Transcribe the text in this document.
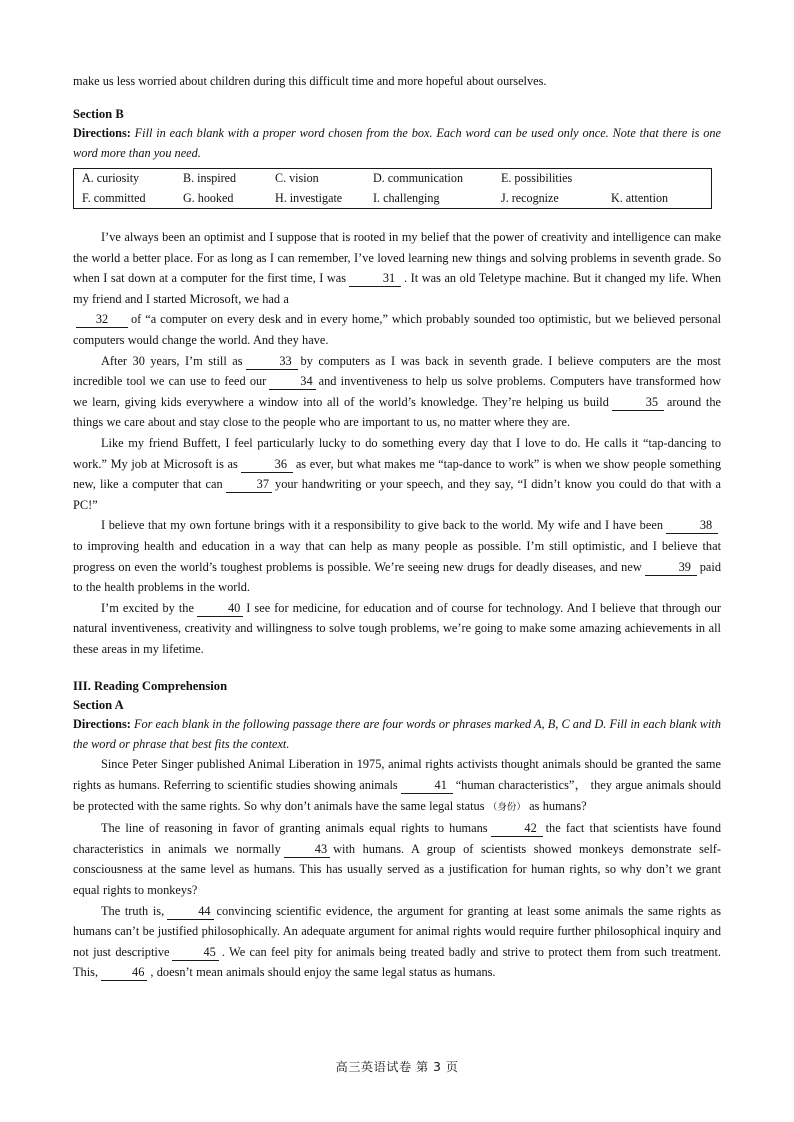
make us less worried about children during this difficult time and more hopeful about ourselves.
Section B
Directions: Fill in each blank with a proper word chosen from the box. Each word can be used only once. Note that there is one word more than you need.
A. curiosity	B. inspired	C. vision	D. communication	E. possibilities	
F. committed	G. hooked	H. investigate	I. challenging	J. recognize	K. attention

I’ve always been an optimist and I suppose that is rooted in my belief that the power of creativity and intelligence can make the world a better place. For as long as I can remember, I’ve loved learning new things and solving problems in seventh grade. So when I sat down at a computer for the first time, I was	31 . It was an old Teletype machine. But it changed my life. When my friend and I started Microsoft, we had a

32 of “a computer on every desk and in every home,” which probably sounded too optimistic, but we believed personal computers would change the world. And they have.

After 30 years, I’m still as	33 by computers as I was back in seventh grade. I believe computers are the most incredible tool we can use to feed our	34 and inventiveness to help us solve problems. Computers have transformed how we learn, giving kids everywhere a window into all of the world’s knowledge. They’re helping us build	35 around the things we care about and stay close to the people who are important to us, no matter where they are.

Like my friend Buffett, I feel particularly lucky to do something every day that I love to do. He calls it “tap-dancing to work.” My job at Microsoft is as	36 as ever, but what makes me “tap-dance to work” is when we show people something new, like a computer that can	37 your handwriting or your speech, and they say, “I didn’t know you could do that with a PC!”

I believe that my own fortune brings with it a responsibility to give back to the world. My wife and I have been	38to improving health and education in a way that can help as many people as possible. I’m still optimistic, and I believe that progress on even the world’s toughest problems is possible. We’re seeing new drugs for deadly diseases, and new	39 paid to the health problems in the world.

I’m excited by the	40 I see for medicine, for education and of course for technology. And I believe that through our natural inventiveness, creativity and willingness to solve tough problems, we’re going to make some amazing achievements in all these areas in my lifetime.

III. Reading Comprehension
Section A
Directions: For each blank in the following passage there are four words or phrases marked A, B, C and D. Fill in each blank with the word or phrase that best fits the context.

Since Peter Singer published Animal Liberation in 1975, animal rights activists thought animals should be granted the same rights as humans. Referring to scientific studies showing animals	41 “human characteristics”， they argue animals should be protected with the same rights. So why don’t animals have the same legal status （身份） as humans?

The line of reasoning in favor of granting animals equal rights to humans	42 the fact that scientists have found characteristics in animals we normally	43 with humans. A group of scientists showed monkeys demonstrate self-consciousness at the same level as humans. This has usually served as a justification for human rights, so why don’t we grant equal rights to monkeys?

The truth is,	44 convincing scientific evidence, the argument for granting at least some animals the same rights as humans can’t be justified philosophically. An adequate argument for animal rights would require further philosophical inquiry and not just descriptive	45 . We can feel pity for animals being treated badly and strive to protect them from such treatment. This,	46 , doesn’t mean animals should enjoy the same legal status as humans.

高三英语试卷 第 3 页
